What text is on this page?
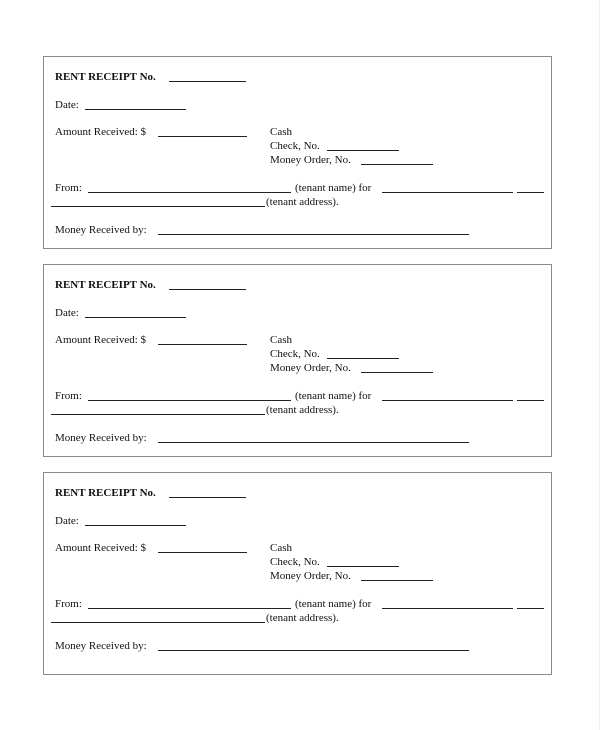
RENT RECEIPT No.
Date:
Amount Received: $	Cash
Check, No.
Money Order, No.
From:	(tenant name) for
(tenant address).
Money Received by:
RENT RECEIPT No.
Date:
Amount Received: $	Cash
Check, No.
Money Order, No.
From:	(tenant name) for
(tenant address).
Money Received by:
RENT RECEIPT No.
Date:
Amount Received: $	Cash
Check, No.
Money Order, No.
From:	(tenant name) for
(tenant address).
Money Received by:
